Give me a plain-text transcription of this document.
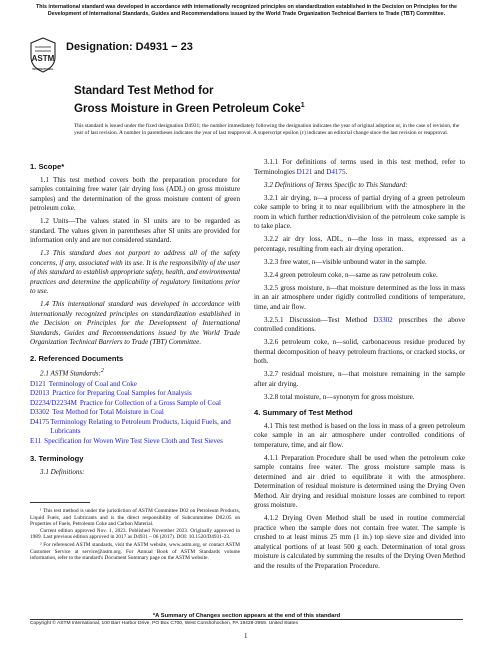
This international standard was developed in accordance with internationally recognized principles on standardization established in the Decision on Principles for the Development of International Standards, Guides and Recommendations issued by the World Trade Organization Technical Barriers to Trade (TBT) Committee.
ASTM
INTERNATIONAL
Designation: D4931 − 23
Standard Test Method for
Gross Moisture in Green Petroleum Coke$^1$
This standard is issued under the fixed designation D4931; the number immediately following the designation indicates the year of original adoption or, in the case of revision, the year of last revision. A number in parentheses indicates the year of last reapproval. A superscript epsilon (ε) indicates an editorial change since the last revision or reapproval.
1. Scope*

1.1 This test method covers both the preparation procedure for samples containing free water (air drying loss (ADL) on gross moisture samples) and the determination of the gross moisture content of green petroleum coke.

1.2 Units—The values stated in SI units are to be regarded as standard. The values given in parentheses after SI units are provided for information only and are not considered standard.

1.3 This standard does not purport to address all of the safety concerns, if any, associated with its use. It is the responsibility of the user of this standard to establish appropriate safety, health, and environmental practices and determine the applicability of regulatory limitations prior to use.

1.4 This international standard was developed in accordance with internationally recognized principles on standardization established in the Decision on Principles for the Development of International Standards, Guides and Recommendations issued by the World Trade Organization Technical Barriers to Trade (TBT) Committee.

2. Referenced Documents

2.1 ASTM Standards:$^2$

D121 Terminology of Coal and Coke
D2013 Practice for Preparing Coal Samples for Analysis
D2234/D2234M Practice for Collection of a Gross Sample of Coal
D3302 Test Method for Total Moisture in Coal
D4175 Terminology Relating to Petroleum Products, Liquid Fuels, and Lubricants
E11 Specification for Woven Wire Test Sieve Cloth and Test Sieves
3. Terminology

3.1 Definitions:

¹ This test method is under the jurisdiction of ASTM Committee D02 on Petroleum Products, Liquid Fuels, and Lubricants and is the direct responsibility of Subcommittee D02.05 on Properties of Fuels, Petroleum Coke and Carbon Material.
Current edition approved Nov. 1, 2023. Published November 2023. Originally approved in 1989. Last previous edition approved in 2017 as D4931 – 06 (2017). DOI: 10.1520/D4931-23.
² For referenced ASTM standards, visit the ASTM website, www.astm.org, or contact ASTM Customer Service at service@astm.org. For Annual Book of ASTM Standards volume information, refer to the standard's Document Summary page on the ASTM website.

3.1.1 For definitions of terms used in this test method, refer to Terminologies D121 and D4175.

3.2 Definitions of Terms Specific to This Standard:

3.2.1 air drying, n—a process of partial drying of a green petroleum coke sample to bring it to near equilibrium with the atmosphere in the room in which further reduction/division of the petroleum coke sample is to take place.

3.2.2 air dry loss, ADL, n—the loss in mass, expressed as a percentage, resulting from each air drying operation.

3.2.3 free water, n—visible unbound water in the sample.

3.2.4 green petroleum coke, n—same as raw petroleum coke.

3.2.5 gross moisture, n—that moisture determined as the loss in mass in an air atmosphere under rigidly controlled conditions of temperature, time, and air flow.

3.2.5.1 Discussion—Test Method D3302 prescribes the above controlled conditions.

3.2.6 petroleum coke, n—solid, carbonaceous residue produced by thermal decomposition of heavy petroleum fractions, or cracked stocks, or both.

3.2.7 residual moisture, n—that moisture remaining in the sample after air drying.

3.2.8 total moisture, n—synonym for gross moisture.

4. Summary of Test Method

4.1 This test method is based on the loss in mass of a green petroleum coke sample in an air atmosphere under controlled conditions of temperature, time, and air flow.

4.1.1 Preparation Procedure shall be used when the petroleum coke sample contains free water. The gross moisture sample mass is determined and air dried to equilibrate it with the atmosphere. Determination of residual moisture is determined using the Drying Oven Method. Air drying and residual moisture losses are combined to report gross moisture.

4.1.2 Drying Oven Method shall be used in routine commercial practice when the sample does not contain free water. The sample is crushed to at least minus 25 mm (1 in.) top sieve size and divided into analytical portions of at least 500 g each. Determination of total gross moisture is calculated by summing the results of the Drying Oven Method and the results of the Preparation Procedure.

*A Summary of Changes section appears at the end of this standard
Copyright © ASTM International, 100 Barr Harbor Drive, PO Box C700, West Conshohocken, PA 19428-2959. United States
1
